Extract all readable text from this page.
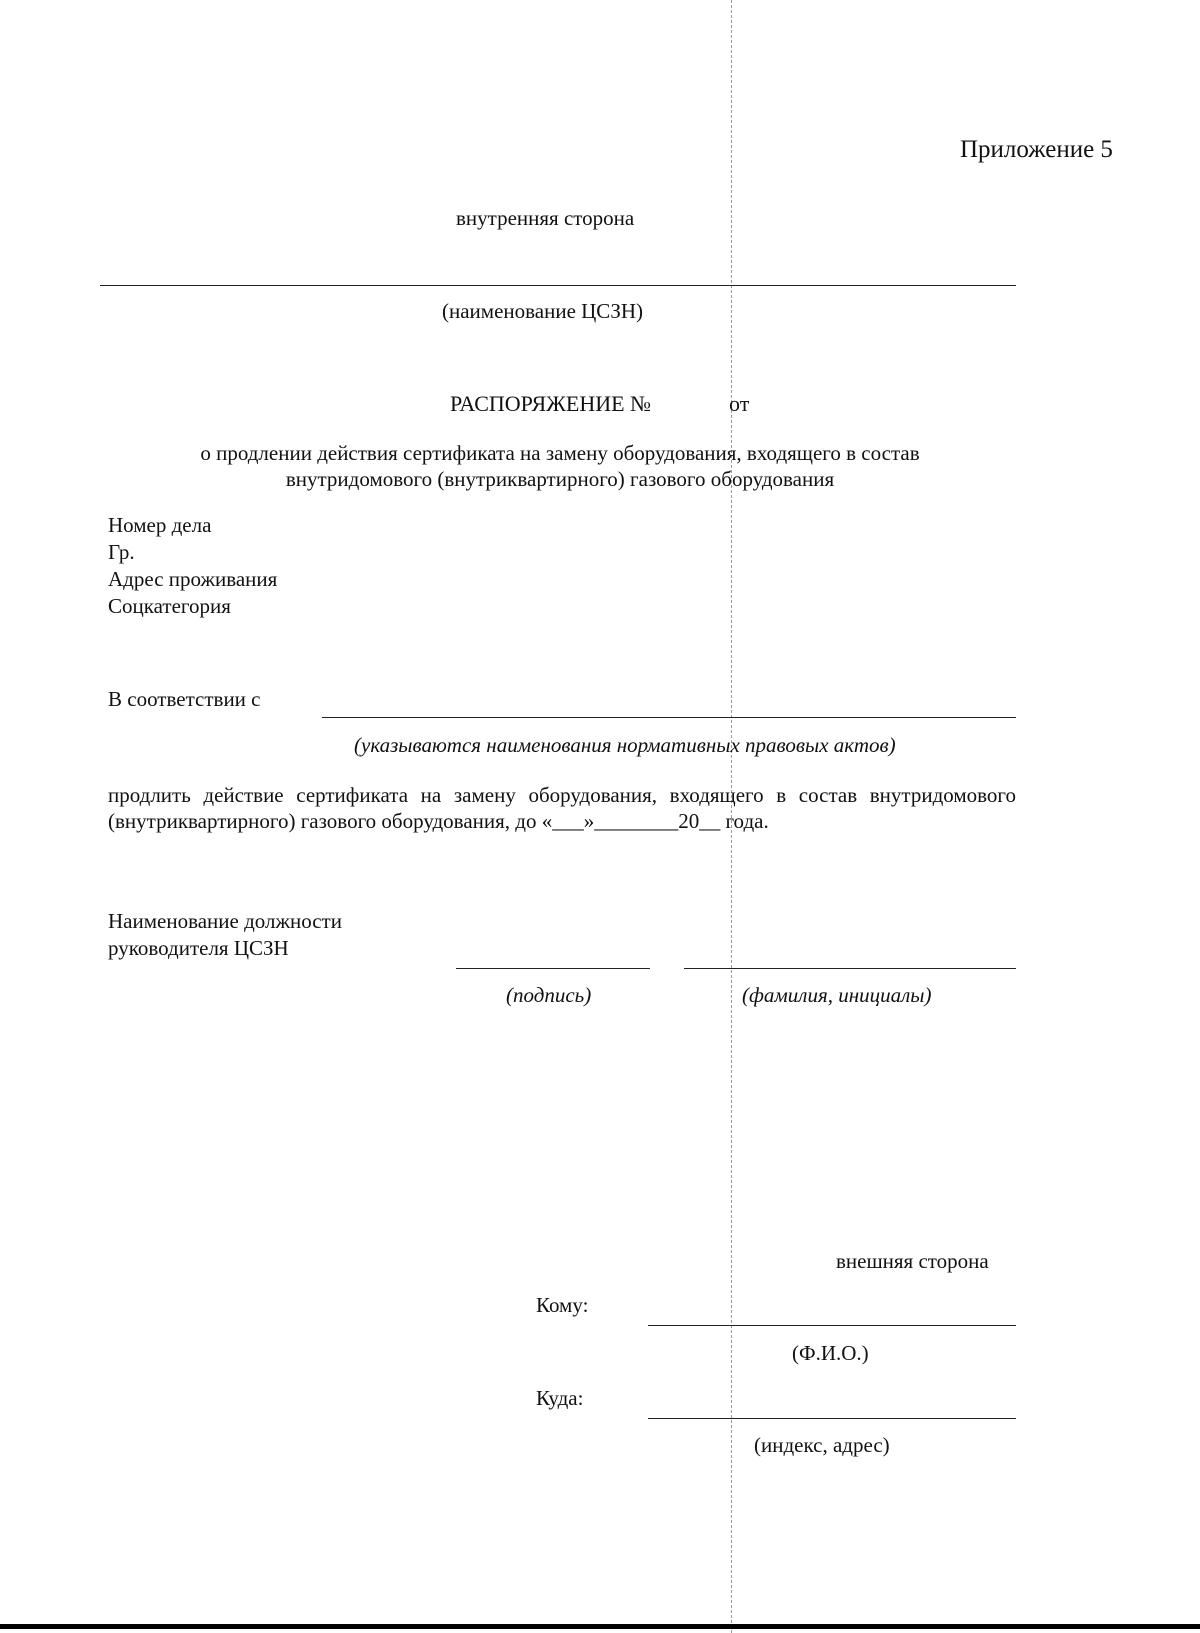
Приложение 5
внутренняя сторона
(наименование ЦСЗН)
РАСПОРЯЖЕНИЕ №	от
о продлении действия сертификата на замену оборудования, входящего в состав
внутридомового (внутриквартирного) газового оборудования
Номер дела
Гр.
Адрес проживания
Соцкатегория
В соответствии с
(указываются наименования нормативных правовых актов)
продлить действие сертификата на замену оборудования, входящего в состав внутридомового (внутриквартирного) газового оборудования, до «___»________20__ года.
Наименование должности
руководителя ЦСЗН
(подпись)	(фамилия, инициалы)
внешняя сторона
Кому:
(Ф.И.О.)
Куда:
(индекс, адрес)
